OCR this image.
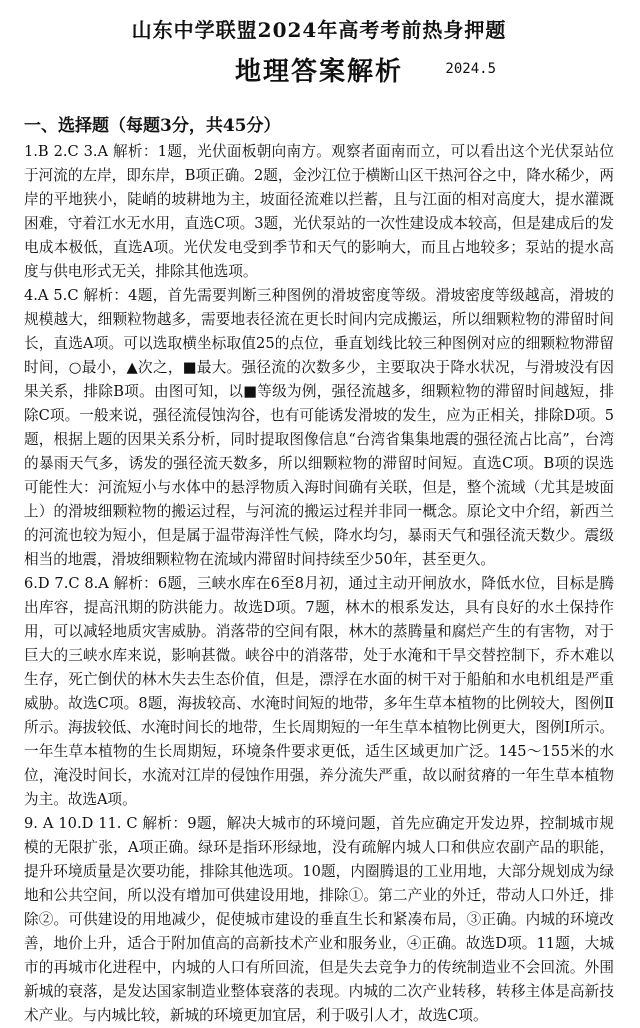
山东中学联盟2024年高考考前热身押题
地理答案解析	2024.5
一、选择题（每题3分，共45分）

1.B 2.C 3.A 解析：1题，光伏面板朝向南方。观察者面南而立，可以看出这个光伏泵站位于河流的左岸，即东岸，B项正确。2题，金沙江位于横断山区干热河谷之中，降水稀少，两岸的平地狭小，陡峭的坡耕地为主，坡面径流难以拦蓄，且与江面的相对高度大，提水灌溉困难，守着江水无水用，直选C项。3题，光伏泵站的一次性建设成本较高，但是建成后的发电成本极低，直选A项。光伏发电受到季节和天气的影响大，而且占地较多；泵站的提水高度与供电形式无关，排除其他选项。

4.A 5.C 解析：4题，首先需要判断三种图例的滑坡密度等级。滑坡密度等级越高，滑坡的规模越大，细颗粒物越多，需要地表径流在更长时间内完成搬运，所以细颗粒物的滞留时间长，直选A项。可以选取横坐标取值25的点位，垂直划线比较三种图例对应的细颗粒物滞留时间，○最小，▲次之，■最大。强径流的次数多少，主要取决于降水状况，与滑坡没有因果关系，排除B项。由图可知，以■等级为例，强径流越多，细颗粒物的滞留时间越短，排除C项。一般来说，强径流侵蚀沟谷，也有可能诱发滑坡的发生，应为正相关，排除D项。5题，根据上题的因果关系分析，同时提取图像信息“台湾省集集地震的强径流占比高”，台湾的暴雨天气多，诱发的强径流天数多，所以细颗粒物的滞留时间短。直选C项。B项的误选可能性大：河流短小与水体中的悬浮物质入海时间确有关联，但是，整个流域（尤其是坡面上）的滑坡细颗粒物的搬运过程，与河流的搬运过程并非同一概念。原论文中介绍，新西兰的河流也较为短小，但是属于温带海洋性气候，降水均匀，暴雨天气和强径流天数少。震级相当的地震，滑坡细颗粒物在流域内滞留时间持续至少50年，甚至更久。

6.D 7.C 8.A 解析：6题，三峡水库在6至8月初，通过主动开闸放水，降低水位，目标是腾出库容，提高汛期的防洪能力。故选D项。7题，林木的根系发达，具有良好的水土保持作用，可以减轻地质灾害威胁。消落带的空间有限，林木的蒸腾量和腐烂产生的有害物，对于巨大的三峡水库来说，影响甚微。峡谷中的消落带，处于水淹和干旱交替控制下，乔木难以生存，死亡倒伏的林木失去生态价值，但是，漂浮在水面的树干对于船舶和水电机组是严重威胁。故选C项。8题，海拔较高、水淹时间短的地带，多年生草本植物的比例较大，图例Ⅱ所示。海拔较低、水淹时间长的地带，生长周期短的一年生草本植物比例更大，图例Ⅰ所示。一年生草本植物的生长周期短，环境条件要求更低，适生区域更加广泛。145～155米的水位，淹没时间长，水流对江岸的侵蚀作用强，养分流失严重，故以耐贫瘠的一年生草本植物为主。故选A项。

9. A 10.D 11. C 解析：9题，解决大城市的环境问题，首先应确定开发边界，控制城市规模的无限扩张，A项正确。绿环是指环形绿地，没有疏解内城人口和供应农副产品的职能，提升环境质量是次要功能，排除其他选项。10题，内圈腾退的工业用地，大部分规划成为绿地和公共空间，所以没有增加可供建设用地，排除①。第二产业的外迁，带动人口外迁，排除②。可供建设的用地减少，促使城市建设的垂直生长和紧凑布局，③正确。内城的环境改善，地价上升，适合于附加值高的高新技术产业和服务业，④正确。故选D项。11题，大城市的再城市化进程中，内城的人口有所回流，但是失去竞争力的传统制造业不会回流。外围新城的衰落，是发达国家制造业整体衰落的表现。内城的二次产业转移，转移主体是高新技术产业。与内城比较，新城的环境更加宜居，利于吸引人才，故选C项。
